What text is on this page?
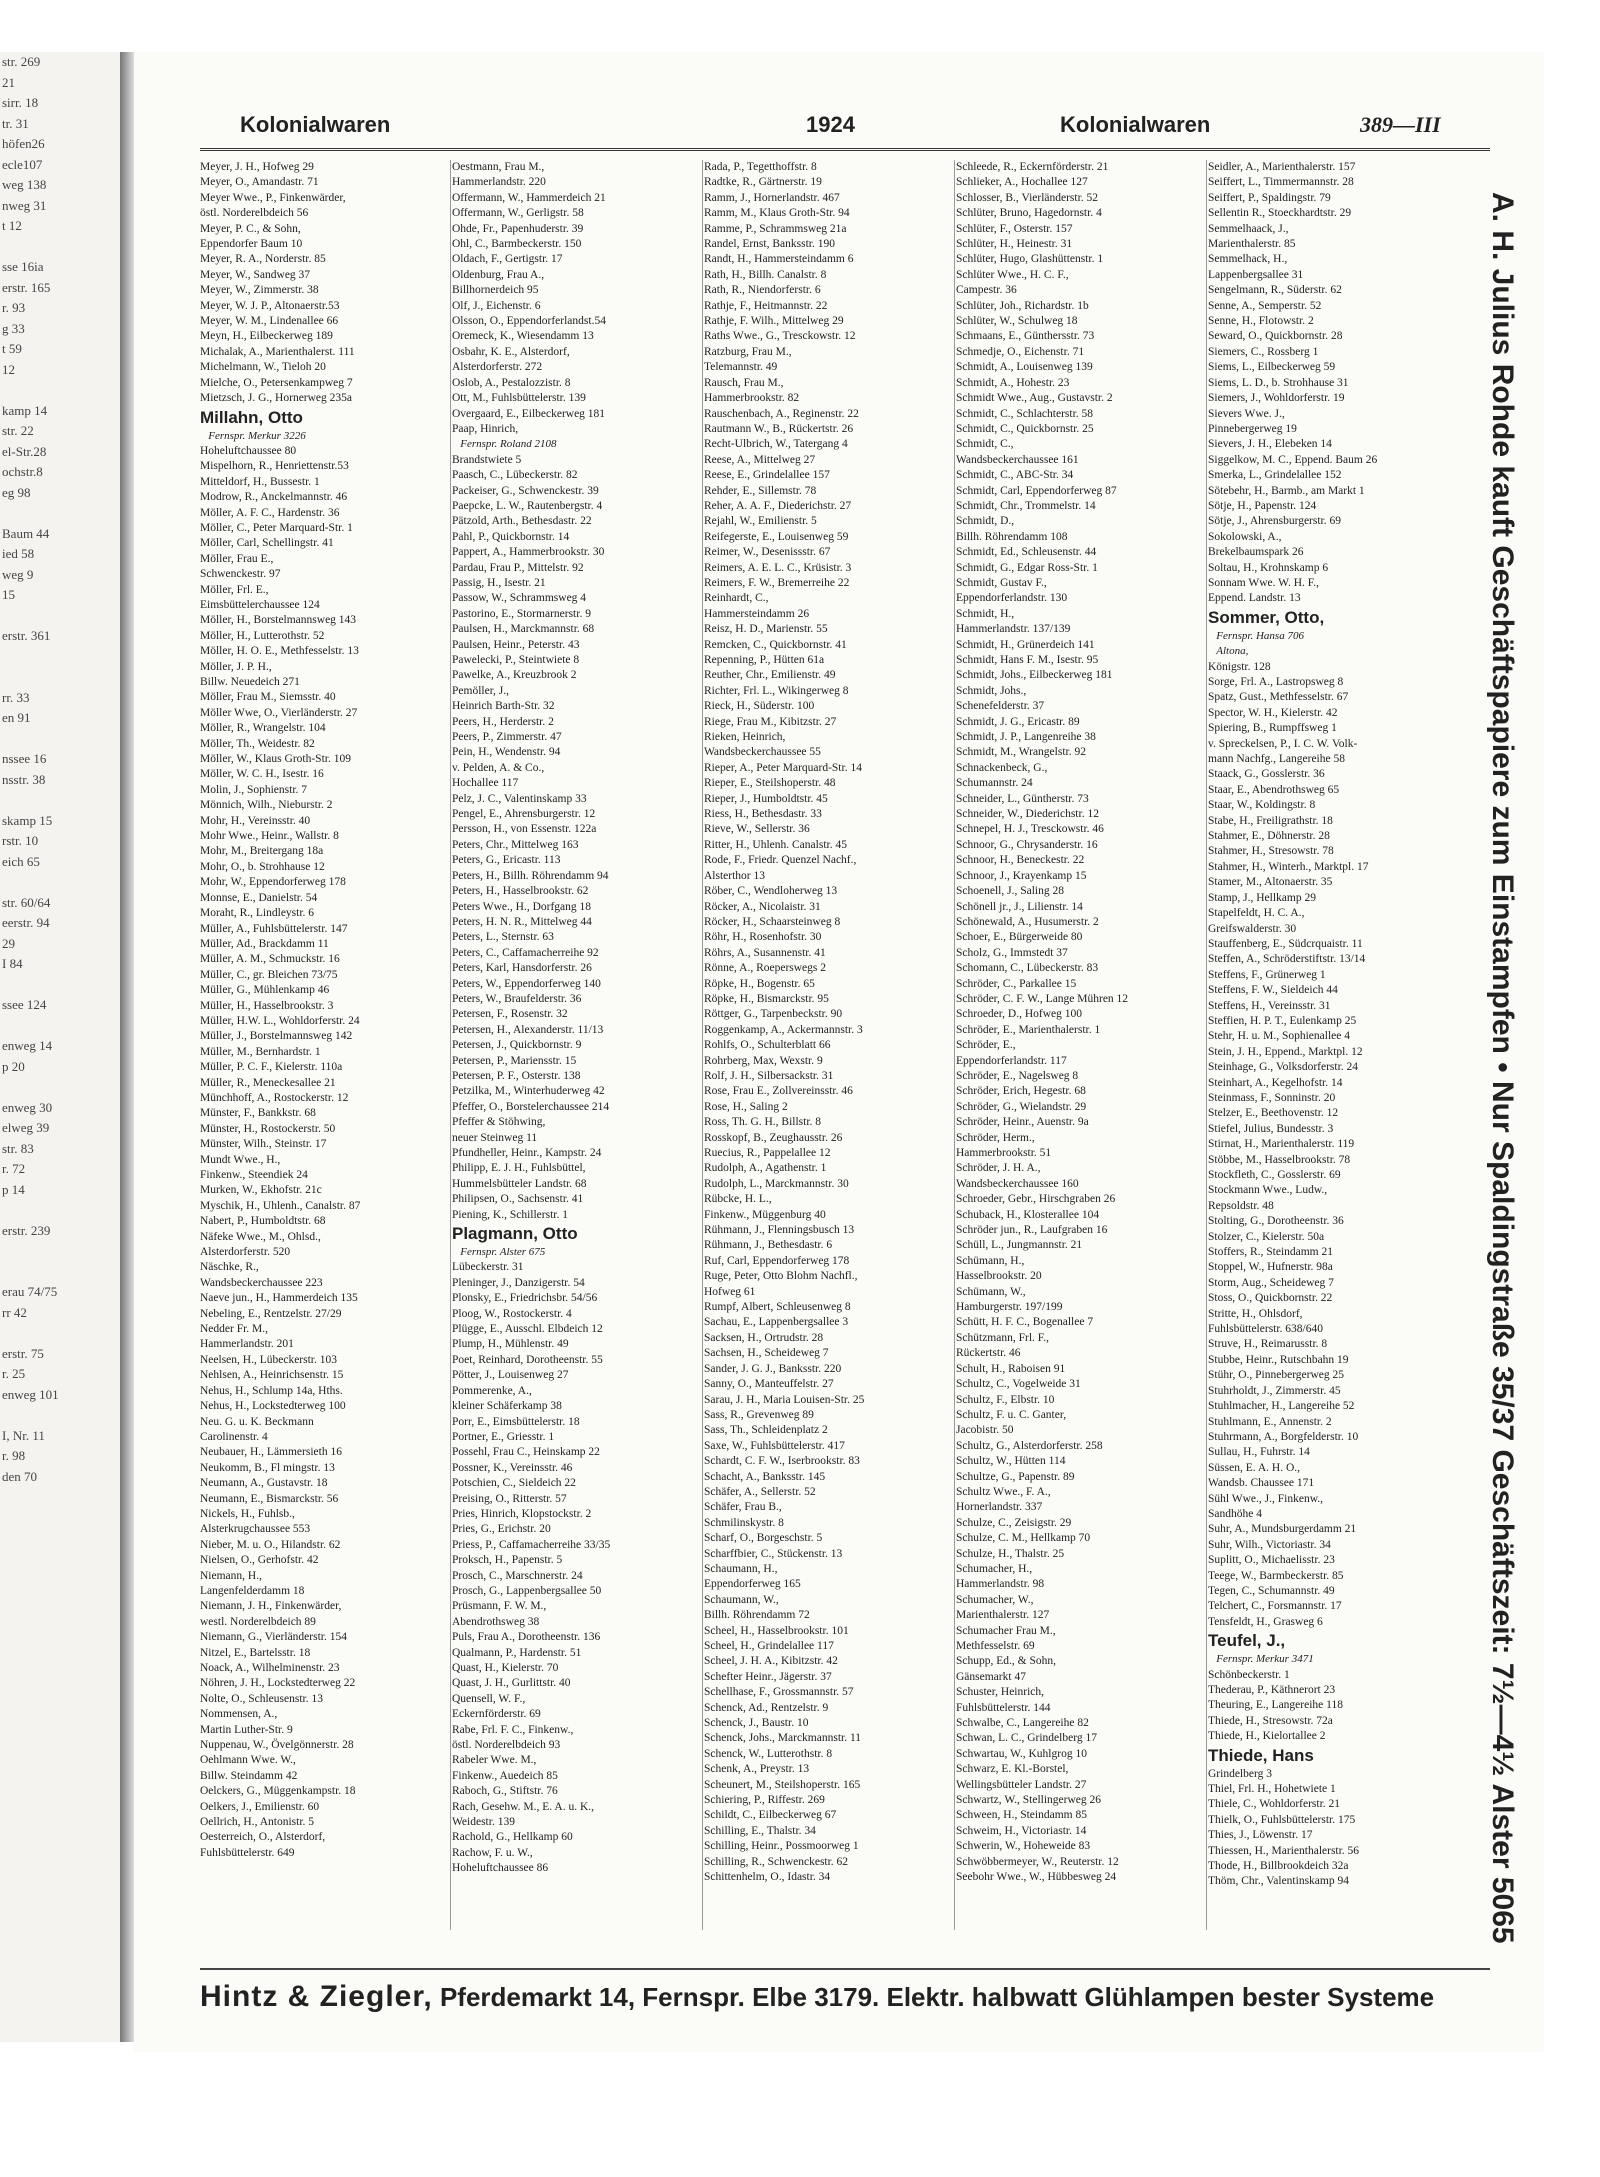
str. 269
21
sirr. 18
tr. 31
höfen26
ecle107
weg 138
nweg 31
t 12

sse 16ia
erstr. 165
r. 93
g 33
t 59
12

kamp 14
str. 22
el-Str.28
ochstr.8
eg 98

Baum 44
ied 58
weg 9
15

erstr. 361

rr. 33
en 91

nssee 16
nsstr. 38

skamp 15
rstr. 10
eich 65

str. 60/64
eerstr. 94
29
I 84

ssee 124

enweg 14
p 20

enweg 30
elweg 39
str. 83
r. 72
p 14

erstr. 239

erau 74/75
rr 42

erstr. 75
r. 25
enweg 101

I, Nr. 11
r. 98
den 70
Kolonialwaren	1924	Kolonialwaren	389—III
Meyer, J. H., Hofweg 29
Meyer, O., Amandastr. 71
Meyer Wwe., P., Finkenwärder,
östl. Norderelbdeich 56
Meyer, P. C., & Sohn,
Eppendorfer Baum 10
Meyer, R. A., Norderstr. 85
Meyer, W., Sandweg 37
Meyer, W., Zimmerstr. 38
Meyer, W. J. P., Altonaerstr.53
Meyer, W. M., Lindenallee 66
Meyn, H., Eilbeckerweg 189
Michalak, A., Marienthalerst. 111
Michelmann, W., Tieloh 20
Mielche, O., Petersenkampweg 7
Mietzsch, J. G., Hornerweg 235a
Millahn, Otto
Fernspr. Merkur 3226
Hoheluftchaussee 80
Mispelhorn, R., Henriettenstr.53
Mitteldorf, H., Bussestr. 1
Modrow, R., Anckelmannstr. 46
Möller, A. F. C., Hardenstr. 36
Möller, C., Peter Marquard-Str. 1
Möller, Carl, Schellingstr. 41
Möller, Frau E.,
Schwenckestr. 97
Möller, Frl. E.,
Eimsbüttelerchaussee 124
Möller, H., Borstelmannsweg 143
Möller, H., Lutterothstr. 52
Möller, H. O. E., Methfesselstr. 13
Möller, J. P. H.,
Billw. Neuedeich 271
Möller, Frau M., Siemsstr. 40
Möller Wwe, O., Vierländerstr. 27
Möller, R., Wrangelstr. 104
Möller, Th., Weidestr. 82
Möller, W., Klaus Groth-Str. 109
Möller, W. C. H., Isestr. 16
Molin, J., Sophienstr. 7
Mönnich, Wilh., Nieburstr. 2
Mohr, H., Vereinsstr. 40
Mohr Wwe., Heinr., Wallstr. 8
Mohr, M., Breitergang 18a
Mohr, O., b. Strohhause 12
Mohr, W., Eppendorferweg 178
Monnse, E., Danielstr. 54
Moraht, R., Lindleystr. 6
Müller, A., Fuhlsbüttelerstr. 147
Müller, Ad., Brackdamm 11
Müller, A. M., Schmuckstr. 16
Müller, C., gr. Bleichen 73/75
Müller, G., Mühlenkamp 46
Müller, H., Hasselbrookstr. 3
Müller, H.W. L., Wohldorferstr. 24
Müller, J., Borstelmannsweg 142
Müller, M., Bernhardstr. 1
Müller, P. C. F., Kielerstr. 110a
Müller, R., Meneckesallee 21
Münchhoff, A., Rostockerstr. 12
Münster, F., Bankkstr. 68
Münster, H., Rostockerstr. 50
Münster, Wilh., Steinstr. 17
Mundt Wwe., H.,
Finkenw., Steendiek 24
Murken, W., Ekhofstr. 21c
Myschik, H., Uhlenh., Canalstr. 87
Nabert, P., Humboldtstr. 68
Näfeke Wwe., M., Ohlsd.,
Alsterdorferstr. 520
Näschke, R.,
Wandsbeckerchaussee 223
Naeve jun., H., Hammerdeich 135
Nebeling, E., Rentzelstr. 27/29
Nedder Fr. M.,
Hammerlandstr. 201
Neelsen, H., Lübeckerstr. 103
Nehlsen, A., Heinrichsenstr. 15
Nehus, H., Schlump 14a, Hths.
Nehus, H., Lockstedterweg 100
Neu. G. u. K. Beckmann
Carolinenstr. 4
Neubauer, H., Lämmersieth 16
Neukomm, B., Fl mingstr. 13
Neumann, A., Gustavstr. 18
Neumann, E., Bismarckstr. 56
Nickels, H., Fuhlsb.,
Alsterkrugchaussee 553
Nieber, M. u. O., Hilandstr. 62
Nielsen, O., Gerhofstr. 42
Niemann, H.,
Langenfelderdamm 18
Niemann, J. H., Finkenwärder,
westl. Norderelbdeich 89
Niemann, G., Vierländerstr. 154
Nitzel, E., Bartelsstr. 18
Noack, A., Wilhelminenstr. 23
Nöhren, J. H., Lockstedterweg 22
Nolte, O., Schleusenstr. 13
Nommensen, A.,
Martin Luther-Str. 9
Nuppenau, W., Övelgönnerstr. 28
Oehlmann Wwe. W.,
Billw. Steindamm 42
Oelckers, G., Müggenkampstr. 18
Oelkers, J., Emilienstr. 60
Oellrich, H., Antonistr. 5
Oesterreich, O., Alsterdorf,
Fuhlsbüttelerstr. 649
Oestmann, Frau M.,
Hammerlandstr. 220
Offermann, W., Hammerdeich 21
Offermann, W., Gerligstr. 58
Ohde, Fr., Papenhuderstr. 39
Ohl, C., Barmbeckerstr. 150
Oldach, F., Gertigstr. 17
Oldenburg, Frau A.,
Billhornerdeich 95
Olf, J., Eichenstr. 6
Olsson, O., Eppendorferlandst.54
Oremeck, K., Wiesendamm 13
Osbahr, K. E., Alsterdorf,
Alsterdorferstr. 272
Oslob, A., Pestalozzistr. 8
Ott, M., Fuhlsbüttelerstr. 139
Overgaard, E., Eilbeckerweg 181
Paap, Hinrich,
Fernspr. Roland 2108
Brandstwiete 5
Paasch, C., Lübeckerstr. 82
Packeiser, G., Schwenckestr. 39
Paepcke, L. W., Rautenbergstr. 4
Pätzold, Arth., Bethesdastr. 22
Pahl, P., Quickbornstr. 14
Pappert, A., Hammerbrookstr. 30
Pardau, Frau P., Mittelstr. 92
Passig, H., Isestr. 21
Passow, W., Schrammsweg 4
Pastorino, E., Stormarnerstr. 9
Paulsen, H., Marckmannstr. 68
Paulsen, Heinr., Peterstr. 43
Pawelecki, P., Steintwiete 8
Pawelke, A., Kreuzbrook 2
Pemöller, J.,
Heinrich Barth-Str. 32
Peers, H., Herderstr. 2
Peers, P., Zimmerstr. 47
Pein, H., Wendenstr. 94
v. Pelden, A. & Co.,
Hochallee 117
Pelz, J. C., Valentinskamp 33
Pengel, E., Ahrensburgerstr. 12
Persson, H., von Essenstr. 122a
Peters, Chr., Mittelweg 163
Peters, G., Ericastr. 113
Peters, H., Billh. Röhrendamm 94
Peters, H., Hasselbrookstr. 62
Peters Wwe., H., Dorfgang 18
Peters, H. N. R., Mittelweg 44
Peters, L., Sternstr. 63
Peters, C., Caffamacherreihe 92
Peters, Karl, Hansdorferstr. 26
Peters, W., Eppendorferweg 140
Peters, W., Braufelderstr. 36
Petersen, F., Rosenstr. 32
Petersen, H., Alexanderstr. 11/13
Petersen, J., Quickbornstr. 9
Petersen, P., Mariensstr. 15
Petersen, P. F., Osterstr. 138
Petzilka, M., Winterhuderweg 42
Pfeffer, O., Borstelerchaussee 214
Pfeffer & Stöhwing,
neuer Steinweg 11
Pfundheller, Heinr., Kampstr. 24
Philipp, E. J. H., Fuhlsbüttel,
Hummelsbütteler Landstr. 68
Philipsen, O., Sachsenstr. 41
Piening, K., Schillerstr. 1
Plagmann, Otto
Fernspr. Alster 675
Lübeckerstr. 31
Pleninger, J., Danzigerstr. 54
Plonsky, E., Friedrichsbr. 54/56
Ploog, W., Rostockerstr. 4
Plügge, E., Ausschl. Elbdeich 12
Plump, H., Mühlenstr. 49
Poet, Reinhard, Dorotheenstr. 55
Pötter, J., Louisenweg 27
Pommerenke, A.,
kleiner Schäferkamp 38
Porr, E., Eimsbüttelerstr. 18
Portner, E., Griesstr. 1
Possehl, Frau C., Heinskamp 22
Possner, K., Vereinsstr. 46
Potschien, C., Sieldeich 22
Preising, O., Ritterstr. 57
Pries, Hinrich, Klopstockstr. 2
Pries, G., Erichstr. 20
Priess, P., Caffamacherreihe 33/35
Proksch, H., Papenstr. 5
Prosch, C., Marschnerstr. 24
Prosch, G., Lappenbergsallee 50
Prüsmann, F. W. M.,
Abendrothsweg 38
Puls, Frau A., Dorotheenstr. 136
Qualmann, P., Hardenstr. 51
Quast, H., Kielerstr. 70
Quast, J. H., Gurlittstr. 40
Quensell, W. F.,
Eckernförderstr. 69
Rabe, Frl. F. C., Finkenw.,
östl. Norderelbdeich 93
Rabeler Wwe. M.,
Finkenw., Auedeich 85
Raboch, G., Stiftstr. 76
Rach, Gesehw. M., E. A. u. K.,
Weidestr. 139
Rachold, G., Hellkamp 60
Rachow, F. u. W.,
Hoheluftchaussee 86
Rada, P., Tegetthoffstr. 8
Radtke, R., Gärtnerstr. 19
Ramm, J., Hornerlandstr. 467
Ramm, M., Klaus Groth-Str. 94
Ramme, P., Schrammsweg 21a
Randel, Ernst, Banksstr. 190
Randt, H., Hammersteindamm 6
Rath, H., Billh. Canalstr. 8
Rath, R., Niendorferstr. 6
Rathje, F., Heitmannstr. 22
Rathje, F. Wilh., Mittelweg 29
Raths Wwe., G., Tresckowstr. 12
Ratzburg, Frau M.,
Telemannstr. 49
Rausch, Frau M.,
Hammerbrookstr. 82
Rauschenbach, A., Reginenstr. 22
Rautmann W., B., Rückertstr. 26
Recht-Ulbrich, W., Tatergang 4
Reese, A., Mittelweg 27
Reese, E., Grindelallee 157
Rehder, E., Sillemstr. 78
Reher, A. A. F., Diederichstr. 27
Rejahl, W., Emilienstr. 5
Reifegerste, E., Louisenweg 59
Reimer, W., Desenissstr. 67
Reimers, A. E. L. C., Krüsistr. 3
Reimers, F. W., Bremerreihe 22
Reinhardt, C.,
Hammersteindamm 26
Reisz, H. D., Marienstr. 55
Remcken, C., Quickbornstr. 41
Repenning, P., Hütten 61a
Reuther, Chr., Emilienstr. 49
Richter, Frl. L., Wikingerweg 8
Rieck, H., Süderstr. 100
Riege, Frau M., Kibitzstr. 27
Rieken, Heinrich,
Wandsbeckerchaussee 55
Rieper, A., Peter Marquard-Str. 14
Rieper, E., Steilshoperstr. 48
Rieper, J., Humboldtstr. 45
Riess, H., Bethesdastr. 33
Rieve, W., Sellerstr. 36
Ritter, H., Uhlenh. Canalstr. 45
Rode, F., Friedr. Quenzel Nachf.,
Alsterthor 13
Röber, C., Wendloherweg 13
Röcker, A., Nicolaistr. 31
Röcker, H., Schaarsteinweg 8
Röhr, H., Rosenhofstr. 30
Röhrs, A., Susannenstr. 41
Rönne, A., Roeperswegs 2
Röpke, H., Bogenstr. 65
Röpke, H., Bismarckstr. 95
Röttger, G., Tarpenbeckstr. 90
Roggenkamp, A., Ackermannstr. 3
Rohlfs, O., Schulterblatt 66
Rohrberg, Max, Wexstr. 9
Rolf, J. H., Silbersackstr. 31
Rose, Frau E., Zollvereinsstr. 46
Rose, H., Saling 2
Ross, Th. G. H., Billstr. 8
Rosskopf, B., Zeughausstr. 26
Ruecius, R., Pappelallee 12
Rudolph, A., Agathenstr. 1
Rudolph, L., Marckmannstr. 30
Rübcke, H. L.,
Finkenw., Müggenburg 40
Rühmann, J., Flenningsbusch 13
Rühmann, J., Bethesdastr. 6
Ruf, Carl, Eppendorferweg 178
Ruge, Peter, Otto Blohm Nachfl.,
Hofweg 61
Rumpf, Albert, Schleusenweg 8
Sachau, E., Lappenbergsallee 3
Sacksen, H., Ortrudstr. 28
Sachsen, H., Scheideweg 7
Sander, J. G. J., Banksstr. 220
Sanny, O., Manteuffelstr. 27
Sarau, J. H., Maria Louisen-Str. 25
Sass, R., Grevenweg 89
Sass, Th., Schleidenplatz 2
Saxe, W., Fuhlsbüttelerstr. 417
Schardt, C. F. W., Iserbrookstr. 83
Schacht, A., Banksstr. 145
Schäfer, A., Sellerstr. 52
Schäfer, Frau B.,
Schmilinskystr. 8
Scharf, O., Borgeschstr. 5
Scharffbier, C., Stückenstr. 13
Schaumann, H.,
Eppendorferweg 165
Schaumann, W.,
Billh. Röhrendamm 72
Scheel, H., Hasselbrookstr. 101
Scheel, H., Grindelallee 117
Scheel, J. H. A., Kibitzstr. 42
Schefter Heinr., Jägerstr. 37
Schellhase, F., Grossmannstr. 57
Schenck, Ad., Rentzelstr. 9
Schenck, J., Baustr. 10
Schenck, Johs., Marckmannstr. 11
Schenck, W., Lutterothstr. 8
Schenk, A., Preystr. 13
Scheunert, M., Steilshoperstr. 165
Schiering, P., Riffestr. 269
Schildt, C., Eilbeckerweg 67
Schilling, E., Thalstr. 34
Schilling, Heinr., Possmoorweg 1
Schilling, R., Schwenckestr. 62
Schittenhelm, O., Idastr. 34
Schleede, R., Eckernförderstr. 21
Schlieker, A., Hochallee 127
Schlosser, B., Vierländerstr. 52
Schlüter, Bruno, Hagedornstr. 4
Schlüter, F., Osterstr. 157
Schlüter, H., Heinestr. 31
Schlüter, Hugo, Glashüttenstr. 1
Schlüter Wwe., H. C. F.,
Campestr. 36
Schlüter, Joh., Richardstr. 1b
Schlüter, W., Schulweg 18
Schmaans, E., Günthersstr. 73
Schmedje, O., Eichenstr. 71
Schmidt, A., Louisenweg 139
Schmidt, A., Hohestr. 23
Schmidt Wwe., Aug., Gustavstr. 2
Schmidt, C., Schlachterstr. 58
Schmidt, C., Quickbornstr. 25
Schmidt, C.,
Wandsbeckerchaussee 161
Schmidt, C., ABC-Str. 34
Schmidt, Carl, Eppendorferweg 87
Schmidt, Chr., Trommelstr. 14
Schmidt, D.,
Billh. Röhrendamm 108
Schmidt, Ed., Schleusenstr. 44
Schmidt, G., Edgar Ross-Str. 1
Schmidt, Gustav F.,
Eppendorferlandstr. 130
Schmidt, H.,
Hammerlandstr. 137/139
Schmidt, H., Grünerdeich 141
Schmidt, Hans F. M., Isestr. 95
Schmidt, Johs., Eilbeckerweg 181
Schmidt, Johs.,
Schenefelderstr. 37
Schmidt, J. G., Ericastr. 89
Schmidt, J. P., Langenreihe 38
Schmidt, M., Wrangelstr. 92
Schnackenbeck, G.,
Schumannstr. 24
Schneider, L., Güntherstr. 73
Schneider, W., Diederichstr. 12
Schnepel, H. J., Tresckowstr. 46
Schnoor, G., Chrysanderstr. 16
Schnoor, H., Beneckestr. 22
Schnoor, J., Krayenkamp 15
Schoenell, J., Saling 28
Schönell jr., J., Lilienstr. 14
Schönewald, A., Husumerstr. 2
Schoer, E., Bürgerweide 80
Scholz, G., Immstedt 37
Schomann, C., Lübeckerstr. 83
Schröder, C., Parkallee 15
Schröder, C. F. W., Lange Mühren 12
Schroeder, D., Hofweg 100
Schröder, E., Marienthalerstr. 1
Schröder, E.,
Eppendorferlandstr. 117
Schröder, E., Nagelsweg 8
Schröder, Erich, Hegestr. 68
Schröder, G., Wielandstr. 29
Schröder, Heinr., Auenstr. 9a
Schröder, Herm.,
Hammerbrookstr. 51
Schröder, J. H. A.,
Wandsbeckerchaussee 160
Schroeder, Gebr., Hirschgraben 26
Schuback, H., Klosterallee 104
Schröder jun., R., Laufgraben 16
Schüll, L., Jungmannstr. 21
Schümann, H.,
Hasselbrookstr. 20
Schümann, W.,
Hamburgerstr. 197/199
Schütt, H. F. C., Bogenallee 7
Schützmann, Frl. F.,
Rückertstr. 46
Schult, H., Raboisen 91
Schultz, C., Vogelweide 31
Schultz, F., Elbstr. 10
Schultz, F. u. C. Ganter,
Jacobistr. 50
Schultz, G., Alsterdorferstr. 258
Schultz, W., Hütten 114
Schultze, G., Papenstr. 89
Schultz Wwe., F. A.,
Hornerlandstr. 337
Schulze, C., Zeisigstr. 29
Schulze, C. M., Hellkamp 70
Schulze, H., Thalstr. 25
Schumacher, H.,
Hammerlandstr. 98
Schumacher, W.,
Marienthalerstr. 127
Schumacher Frau M.,
Methfesselstr. 69
Schupp, Ed., & Sohn,
Gänsemarkt 47
Schuster, Heinrich,
Fuhlsbüttelerstr. 144
Schwalbe, C., Langereihe 82
Schwan, L. C., Grindelberg 17
Schwartau, W., Kuhlgrog 10
Schwarz, E. Kl.-Borstel,
Wellingsbütteler Landstr. 27
Schwartz, W., Stellingerweg 26
Schween, H., Steindamm 85
Schweim, H., Victoriastr. 14
Schwerin, W., Hoheweide 83
Schwöbbermeyer, W., Reuterstr. 12
Seebohr Wwe., W., Hübbesweg 24
Seidler, A., Marienthalerstr. 157
Seiffert, L., Timmermannstr. 28
Seiffert, P., Spaldingstr. 79
Sellentin R., Stoeckhardtstr. 29
Semmelhaack, J.,
Marienthalerstr. 85
Semmelhack, H.,
Lappenbergsallee 31
Sengelmann, R., Süderstr. 62
Senne, A., Semperstr. 52
Senne, H., Flotowstr. 2
Seward, O., Quickbornstr. 28
Siemers, C., Rossberg 1
Siems, L., Eilbeckerweg 59
Siems, L. D., b. Strohhause 31
Siemers, J., Wohldorferstr. 19
Sievers Wwe. J.,
Pinnebergerweg 19
Sievers, J. H., Elebeken 14
Siggelkow, M. C., Eppend. Baum 26
Smerka, L., Grindelallee 152
Sötebehr, H., Barmb., am Markt 1
Sötje, H., Papenstr. 124
Sötje, J., Ahrensburgerstr. 69
Sokolowski, A.,
Brekelbaumspark 26
Soltau, H., Krohnskamp 6
Sonnam Wwe. W. H. F.,
Eppend. Landstr. 13
Sommer, Otto,
Fernspr. Hansa 706
Altona,
Königstr. 128
Sorge, Frl. A., Lastropsweg 8
Spatz, Gust., Methfesselstr. 67
Spector, W. H., Kielerstr. 42
Spiering, B., Rumpffsweg 1
v. Spreckelsen, P., I. C. W. Volk-
mann Nachfg., Langereihe 58
Staack, G., Gosslerstr. 36
Staar, E., Abendrothsweg 65
Staar, W., Koldingstr. 8
Stabe, H., Freiligrathstr. 18
Stahmer, E., Döhnerstr. 28
Stahmer, H., Stresowstr. 78
Stahmer, H., Winterh., Marktpl. 17
Stamer, M., Altonaerstr. 35
Stamp, J., Hellkamp 29
Stapelfeldt, H. C. A.,
Greifswalderstr. 30
Stauffenberg, E., Südcrquaistr. 11
Steffen, A., Schröderstiftstr. 13/14
Steffens, F., Grünerweg 1
Steffens, F. W., Sieldeich 44
Steffens, H., Vereinsstr. 31
Steffien, H. P. T., Eulenkamp 25
Stehr, H. u. M., Sophienallee 4
Stein, J. H., Eppend., Marktpl. 12
Steinhage, G., Volksdorferstr. 24
Steinhart, A., Kegelhofstr. 14
Steinmass, F., Sonninstr. 20
Stelzer, E., Beethovenstr. 12
Stiefel, Julius, Bundesstr. 3
Stirnat, H., Marienthalerstr. 119
Stöbbe, M., Hasselbrookstr. 78
Stockfleth, C., Gosslerstr. 69
Stockmann Wwe., Ludw.,
Repsoldstr. 48
Stolting, G., Dorotheenstr. 36
Stolzer, C., Kielerstr. 50a
Stoffers, R., Steindamm 21
Stoppel, W., Hufnerstr. 98a
Storm, Aug., Scheideweg 7
Stoss, O., Quickbornstr. 22
Stritte, H., Ohlsdorf,
Fuhlsbüttelerstr. 638/640
Struve, H., Reimarusstr. 8
Stubbe, Heinr., Rutschbahn 19
Stühr, O., Pinnebergerweg 25
Stuhrholdt, J., Zimmerstr. 45
Stuhlmacher, H., Langereihe 52
Stuhlmann, E., Annenstr. 2
Stuhrmann, A., Borgfelderstr. 10
Sullau, H., Fuhrstr. 14
Süssen, E. A. H. O.,
Wandsb. Chaussee 171
Sühl Wwe., J., Finkenw.,
Sandhöhe 4
Suhr, A., Mundsburgerdamm 21
Suhr, Wilh., Victoriastr. 34
Suplitt, O., Michaelisstr. 23
Teege, W., Barmbeckerstr. 85
Tegen, C., Schumannstr. 49
Telchert, C., Forsmannstr. 17
Tensfeldt, H., Grasweg 6
Teufel, J.,
Fernspr. Merkur 3471
Schönbeckerstr. 1
Thederau, P., Käthnerort 23
Theuring, E., Langereihe 118
Thiede, H., Stresowstr. 72a
Thiede, H., Kielortallee 2
Thiede, Hans
Grindelberg 3
Thiel, Frl. H., Hohetwiete 1
Thiele, C., Wohldorferstr. 21
Thielk, O., Fuhlsbüttelerstr. 175
Thies, J., Löwenstr. 17
Thiessen, H., Marienthalerstr. 56
Thode, H., Billbrookdeich 32a
Thöm, Chr., Valentinskamp 94	A. H. Julius Rohde kauft Geschäftspapiere zum Einstampfen • Nur Spaldingstraße 35/37 Geschäftszeit: 7½—4½ Alster 5065
Hintz & Ziegler, Pferdemarkt 14, Fernspr. Elbe 3179. Elektr. halbwatt Glühlampen bester Systeme
